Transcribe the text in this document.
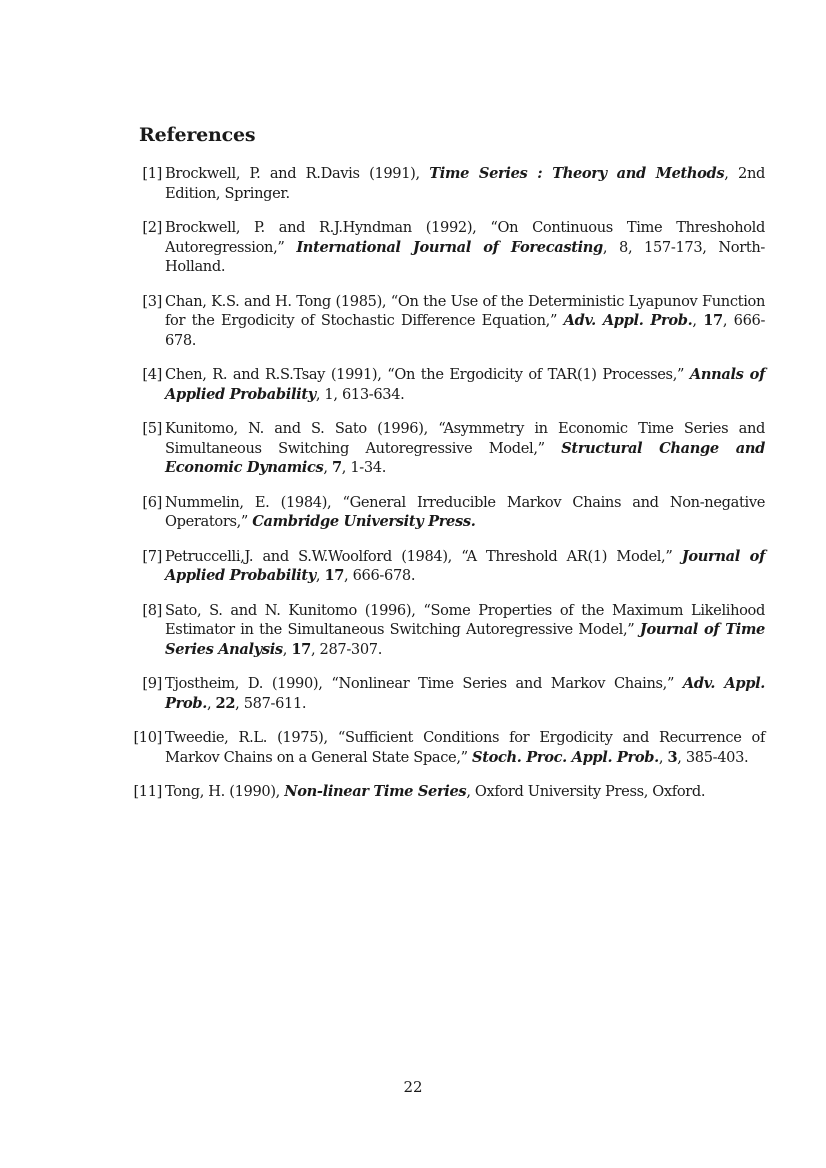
References
[1] Brockwell, P. and R.Davis (1991), Time Series : Theory and Methods, 2nd Edition, Springer.
[2] Brockwell, P. and R.J.Hyndman (1992), “On Continuous Time Threshohold Autoregression,” International Journal of Forecasting, 8, 157-173, North-Holland.
[3] Chan, K.S. and H. Tong (1985), “On the Use of the Deterministic Lyapunov Function for the Ergodicity of Stochastic Difference Equation,” Adv. Appl. Prob., 17, 666-678.
[4] Chen, R. and R.S.Tsay (1991), “On the Ergodicity of TAR(1) Processes,” Annals of Applied Probability, 1, 613-634.
[5] Kunitomo, N. and S. Sato (1996), “Asymmetry in Economic Time Series and Simultaneous Switching Autoregressive Model,” Structural Change and Economic Dynamics, 7, 1-34.
[6] Nummelin, E. (1984), “General Irreducible Markov Chains and Non-negative Operators,” Cambridge University Press.
[7] Petruccelli,J. and S.W.Woolford (1984), “A Threshold AR(1) Model,” Journal of Applied Probability, 17, 666-678.
[8] Sato, S. and N. Kunitomo (1996), “Some Properties of the Maximum Likelihood Estimator in the Simultaneous Switching Autoregressive Model,” Journal of Time Series Analysis, 17, 287-307.
[9] Tjostheim, D. (1990), “Nonlinear Time Series and Markov Chains,” Adv. Appl. Prob., 22, 587-611.
[10] Tweedie, R.L. (1975), “Sufficient Conditions for Ergodicity and Recurrence of Markov Chains on a General State Space,” Stoch. Proc. Appl. Prob., 3, 385-403.
[11] Tong, H. (1990), Non-linear Time Series, Oxford University Press, Oxford.
22
